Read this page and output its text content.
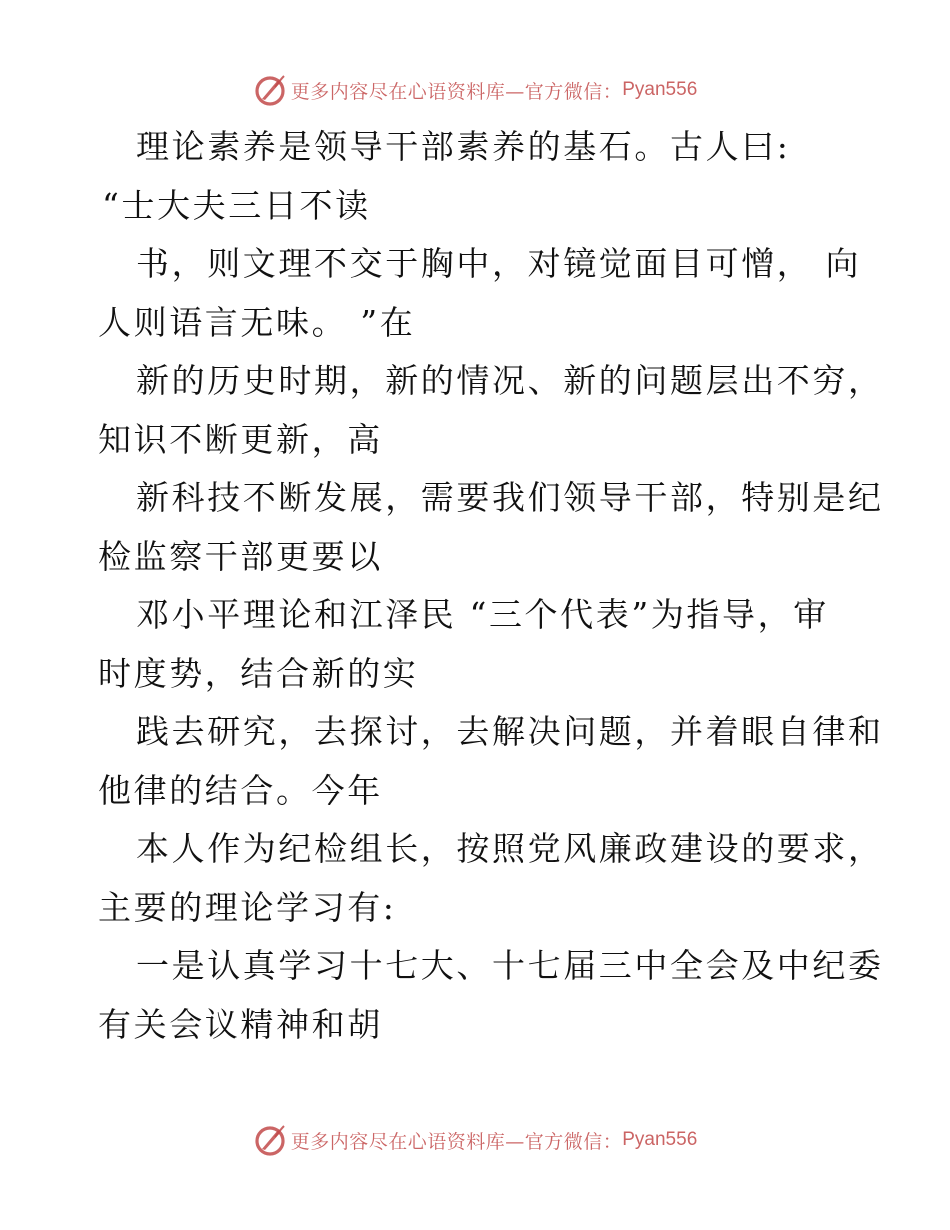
更多内容尽在心语资料库—官方微信： Pyan556
理论素养是领导干部素养的基石。古人曰:
“士大夫三日不读
书，则文理不交于胸中，对镜觉面目可憎， 向
人则语言无味。 ”在
新的历史时期，新的情况、新的问题层出不穷，
知识不断更新，高
新科技不断发展，需要我们领导干部，特别是纪
检监察干部更要以
邓小平理论和江泽民 “三个代表”为指导，审
时度势，结合新的实
践去研究，去探讨，去解决问题，并着眼自律和
他律的结合。今年
本人作为纪检组长，按照党风廉政建设的要求，
主要的理论学习有:
一是认真学习十七大、十七届三中全会及中纪委
有关会议精神和胡
更多内容尽在心语资料库—官方微信： Pyan556
